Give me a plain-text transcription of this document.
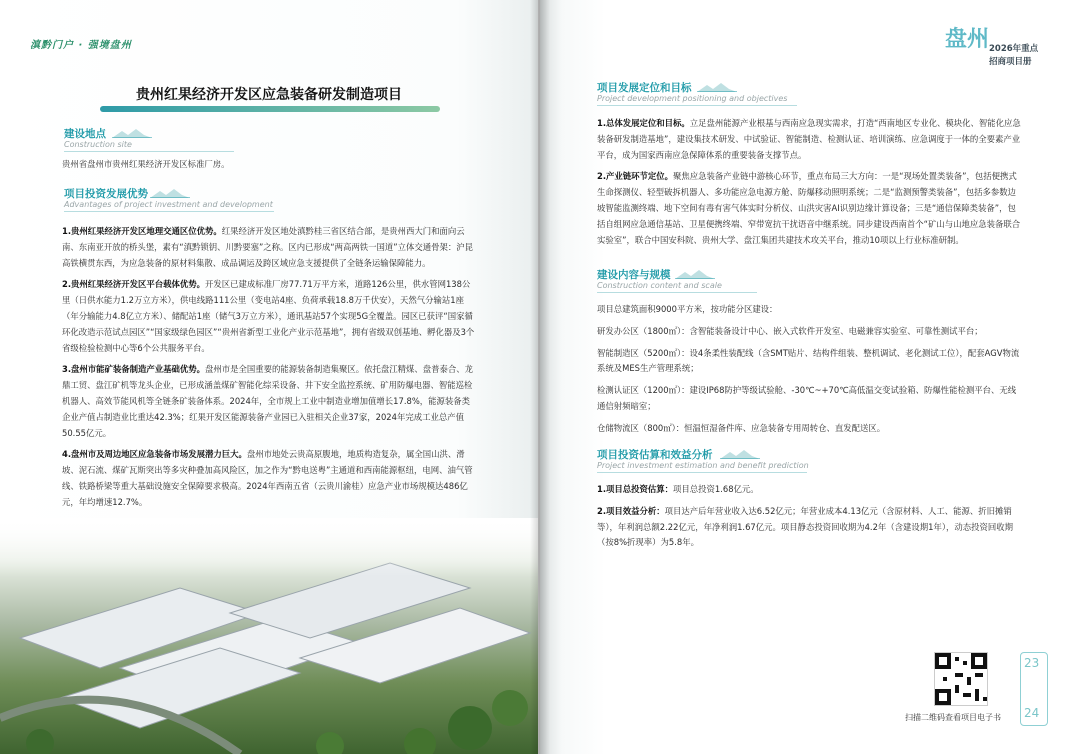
滇黔门户 · 强境盘州
贵州红果经济开发区应急装备研发制造项目
建设地点
Construction site
贵州省盘州市贵州红果经济开发区标准厂房。
项目投资发展优势
Advantages of project investment and development

1.贵州红果经济开发区地理交通区位优势。红果经济开发区地处滇黔桂三省区结合部，是贵州西大门和面向云南、东南亚开放的桥头堡，素有“滇黔锁钥、川黔要塞”之称。区内已形成“两高两铁一国道”立体交通骨架：沪昆高铁横贯东西，为应急装备的原材料集散、成品调运及跨区域应急支援提供了全链条运输保障能力。

2.贵州红果经济开发区平台载体优势。开发区已建成标准厂房77.71万平方米，道路126公里，供水管网138公里（日供水能力1.2万立方米），供电线路111公里（变电站4座、负荷承载18.8万千伏安），天然气分输站1座（年分输能力4.8亿立方米）、储配站1座（储气3万立方米），通讯基站57个实现5G全覆盖。园区已获评“国家循环化改造示范试点园区”“国家级绿色园区”“贵州省新型工业化产业示范基地”，拥有省级双创基地、孵化器及3个省级检验检测中心等6个公共服务平台。

3.盘州市能矿装备制造产业基础优势。盘州市是全国重要的能源装备制造集聚区。依托盘江精煤、盘普泰合、龙鼎工贸、盘江矿机等龙头企业，已形成涵盖煤矿智能化综采设备、井下安全监控系统、矿用防爆电器、智能巡检机器人、高效节能风机等全链条矿装备体系。2024年，全市规上工业中制造业增加值增长17.8%，能源装备类企业产值占制造业比重达42.3%；红果开发区能源装备产业园已入驻相关企业37家，2024年完成工业总产值50.55亿元。

4.盘州市及周边地区应急装备市场发展潜力巨大。盘州市地处云贵高原腹地，地质构造复杂，属全国山洪、滑坡、泥石流、煤矿瓦斯突出等多灾种叠加高风险区，加之作为“黔电送粤”主通道和西南能源枢纽，电网、油气管线、铁路桥梁等重大基础设施安全保障要求极高。2024年西南五省（云贵川渝桂）应急产业市场规模达486亿元，年均增速12.7%。

盘州 2026年重点
招商项目册
项目发展定位和目标
Project development positioning and objectives

1.总体发展定位和目标。立足盘州能源产业根基与西南应急现实需求，打造“西南地区专业化、模块化、智能化应急装备研发制造基地”，建设集技术研发、中试验证、智能制造、检测认证、培训演练、应急调度于一体的全要素产业平台，成为国家西南应急保障体系的重要装备支撑节点。

2.产业链环节定位。聚焦应急装备产业链中游核心环节，重点布局三大方向：一是“现场处置类装备”，包括便携式生命探测仪、轻型破拆机器人、多功能应急电源方舱、防爆移动照明系统；二是“监测预警类装备”，包括多参数边坡智能监测终端、地下空间有毒有害气体实时分析仪、山洪灾害AI识别边缘计算设备；三是“通信保障类装备”，包括自组网应急通信基站、卫星便携终端、窄带宽抗干扰语音中继系统。同步建设西南首个“矿山与山地应急装备联合实验室”，联合中国安科院、贵州大学、盘江集团共建技术攻关平台，推动10项以上行业标准研制。

建设内容与规模
Construction content and scale

项目总建筑面积9000平方米，按功能分区建设：

研发办公区（1800㎡）：含智能装备设计中心、嵌入式软件开发室、电磁兼容实验室、可靠性测试平台；

智能制造区（5200㎡）：设4条柔性装配线（含SMT贴片、结构件组装、整机调试、老化测试工位），配套AGV物流系统及MES生产管理系统；

检测认证区（1200㎡）：建设IP68防护等级试验舱、-30℃~+70℃高低温交变试验箱、防爆性能检测平台、无线通信射频暗室；

仓储物流区（800㎡）：恒温恒湿备件库、应急装备专用周转仓、直发配送区。

项目投资估算和效益分析
Project investment estimation and benefit prediction

1.项目总投资估算：项目总投资1.68亿元。

2.项目效益分析：项目达产后年营业收入达6.52亿元；年营业成本4.13亿元（含原材料、人工、能源、折旧摊销等），年利润总额2.22亿元，年净利润1.67亿元。项目静态投资回收期为4.2年（含建设期1年），动态投资回收期（按8%折现率）为5.8年。

扫描二维码查看项目电子书
23
24
